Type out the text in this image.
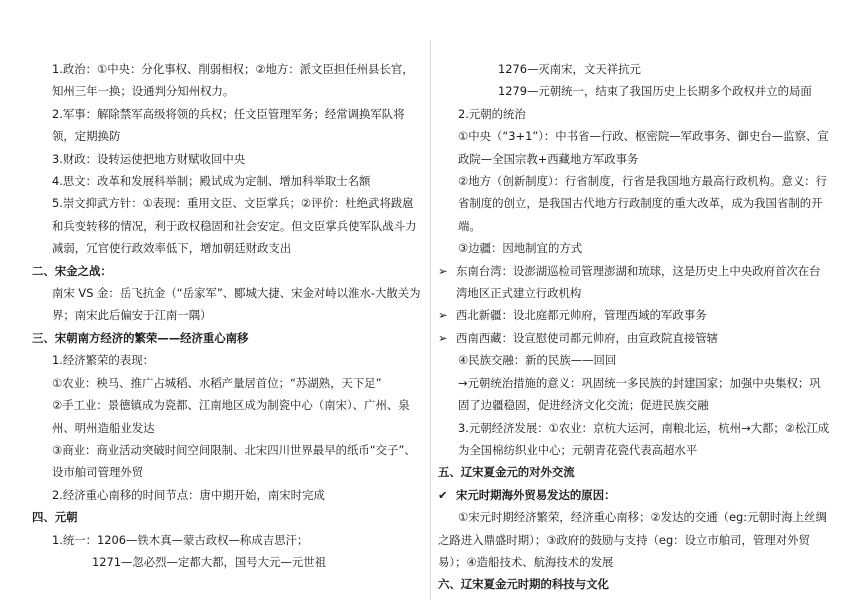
1.政治：①中央：分化事权、削弱相权；②地方：派文臣担任州县长官，知州三年一换；设通判分知州权力。

2.军事：解除禁军高级将领的兵权；任文臣管理军务；经常调换军队将领，定期换防

3.财政：设转运使把地方财赋收回中央

4.思文：改革和发展科举制；殿试成为定制、增加科举取士名额

5.崇文抑武方针：①表现：重用文臣、文臣掌兵；②评价：杜绝武将跋扈和兵变转移的情况，利于政权稳固和社会安定。但文臣掌兵使军队战斗力减弱，冗官使行政效率低下，增加朝廷财政支出

二、宋金之战：

南宋 VS 金：岳飞抗金（“岳家军”、郾城大捷、宋金对峙以淮水-大散关为界；南宋此后偏安于江南一隅）

三、宋朝南方经济的繁荣——经济重心南移

1.经济繁荣的表现：

①农业：秧马、推广占城稻、水稻产量居首位；“苏湖熟，天下足”

②手工业：景德镇成为瓷都、江南地区成为制瓷中心（南宋）、广州、泉州、明州造船业发达

③商业：商业活动突破时间空间限制、北宋四川世界最早的纸币“交子”、设市舶司管理外贸

2.经济重心南移的时间节点：唐中期开始，南宋时完成

四、元朝

1.统一：1206—铁木真—蒙古政权—称成吉思汗；

1271—忽必烈—定都大都，国号大元—元世祖

1276—灭南宋，文天祥抗元

1279—元朝统一，结束了我国历史上长期多个政权并立的局面

2.元朝的统治

①中央（“3+1”）：中书省—行政、枢密院—军政事务、御史台—监察、宣政院—全国宗教+西藏地方军政事务

②地方（创新制度）：行省制度，行省是我国地方最高行政机构。意义：行省制度的创立，是我国古代地方行政制度的重大改革，成为我国省制的开端。

③边疆：因地制宜的方式

➢ 东南台湾：设澎湖巡检司管理澎湖和琉球，这是历史上中央政府首次在台湾地区正式建立行政机构

➢ 西北新疆：设北庭都元帅府，管理西域的军政事务

➢ 西南西藏：设宣慰使司都元帅府，由宣政院直接管辖

④民族交融：新的民族——回回

→元朝统治措施的意义：巩固统一多民族的封建国家；加强中央集权；巩固了边疆稳固，促进经济文化交流；促进民族交融

3.元朝经济发展：①农业：京杭大运河，南粮北运，杭州→大都；②松江成为全国棉纺织业中心；元朝青花瓷代表高超水平

五、辽宋夏金元的对外交流

✔ 宋元时期海外贸易发达的原因：

①宋元时期经济繁荣，经济重心南移；②发达的交通（eg:元朝时海上丝绸之路进入鼎盛时期）；③政府的鼓励与支持（eg：设立市舶司，管理对外贸易）；④造船技术、航海技术的发展

六、辽宋夏金元时期的科技与文化
